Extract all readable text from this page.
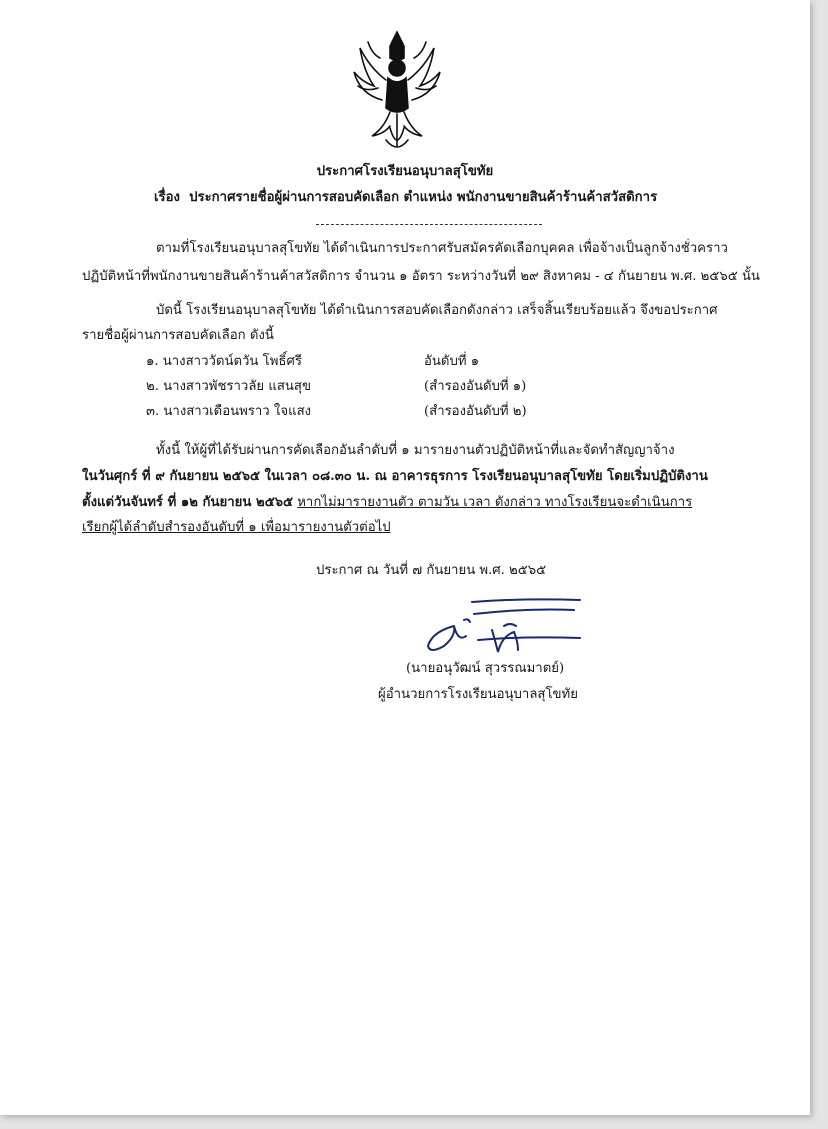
ประกาศโรงเรียนอนุบาลสุโขทัย
เรื่อง ประกาศรายชื่อผู้ผ่านการสอบคัดเลือก ตำแหน่ง พนักงานขายสินค้าร้านค้าสวัสดิการ
ตามที่โรงเรียนอนุบาลสุโขทัย ได้ดำเนินการประกาศรับสมัครคัดเลือกบุคคล เพื่อจ้างเป็นลูกจ้างชั่วคราว
ปฏิบัติหน้าที่พนักงานขายสินค้าร้านค้าสวัสดิการ จำนวน ๑ อัตรา ระหว่างวันที่ ๒๙ สิงหาคม - ๔ กันยายน พ.ศ. ๒๕๖๕ นั้น
บัดนี้ โรงเรียนอนุบาลสุโขทัย ได้ดำเนินการสอบคัดเลือกดังกล่าว เสร็จสิ้นเรียบร้อยแล้ว จึงขอประกาศ
รายชื่อผู้ผ่านการสอบคัดเลือก ดังนี้
๑. นางสาววัตน์ตวัน โพธิ์ศรี	อันดับที่ ๑
๒. นางสาวพัชราวลัย แสนสุข	(สำรองอันดับที่ ๑)
๓. นางสาวเดือนพราว ใจแสง	(สำรองอันดับที่ ๒)
ทั้งนี้ ให้ผู้ที่ได้รับผ่านการคัดเลือกอันลำดับที่ ๑ มารายงานตัวปฏิบัติหน้าที่และจัดทำสัญญาจ้าง
ในวันศุกร์ ที่ ๙ กันยายน ๒๕๖๕ ในเวลา ๐๘.๓๐ น. ณ อาคารธุรการ โรงเรียนอนุบาลสุโขทัย โดยเริ่มปฏิบัติงาน
ตั้งแต่วันจันทร์ ที่ ๑๒ กันยายน ๒๕๖๕ หากไม่มารายงานตัว ตามวัน เวลา ดังกล่าว ทางโรงเรียนจะดำเนินการ
เรียกผู้ได้ลำดับสำรองอันดับที่ ๑ เพื่อมารายงานตัวต่อไป
ประกาศ ณ วันที่ ๗ กันยายน พ.ศ. ๒๕๖๕
(นายอนุวัฒน์ สุวรรณมาตย์)
ผู้อำนวยการโรงเรียนอนุบาลสุโขทัย
